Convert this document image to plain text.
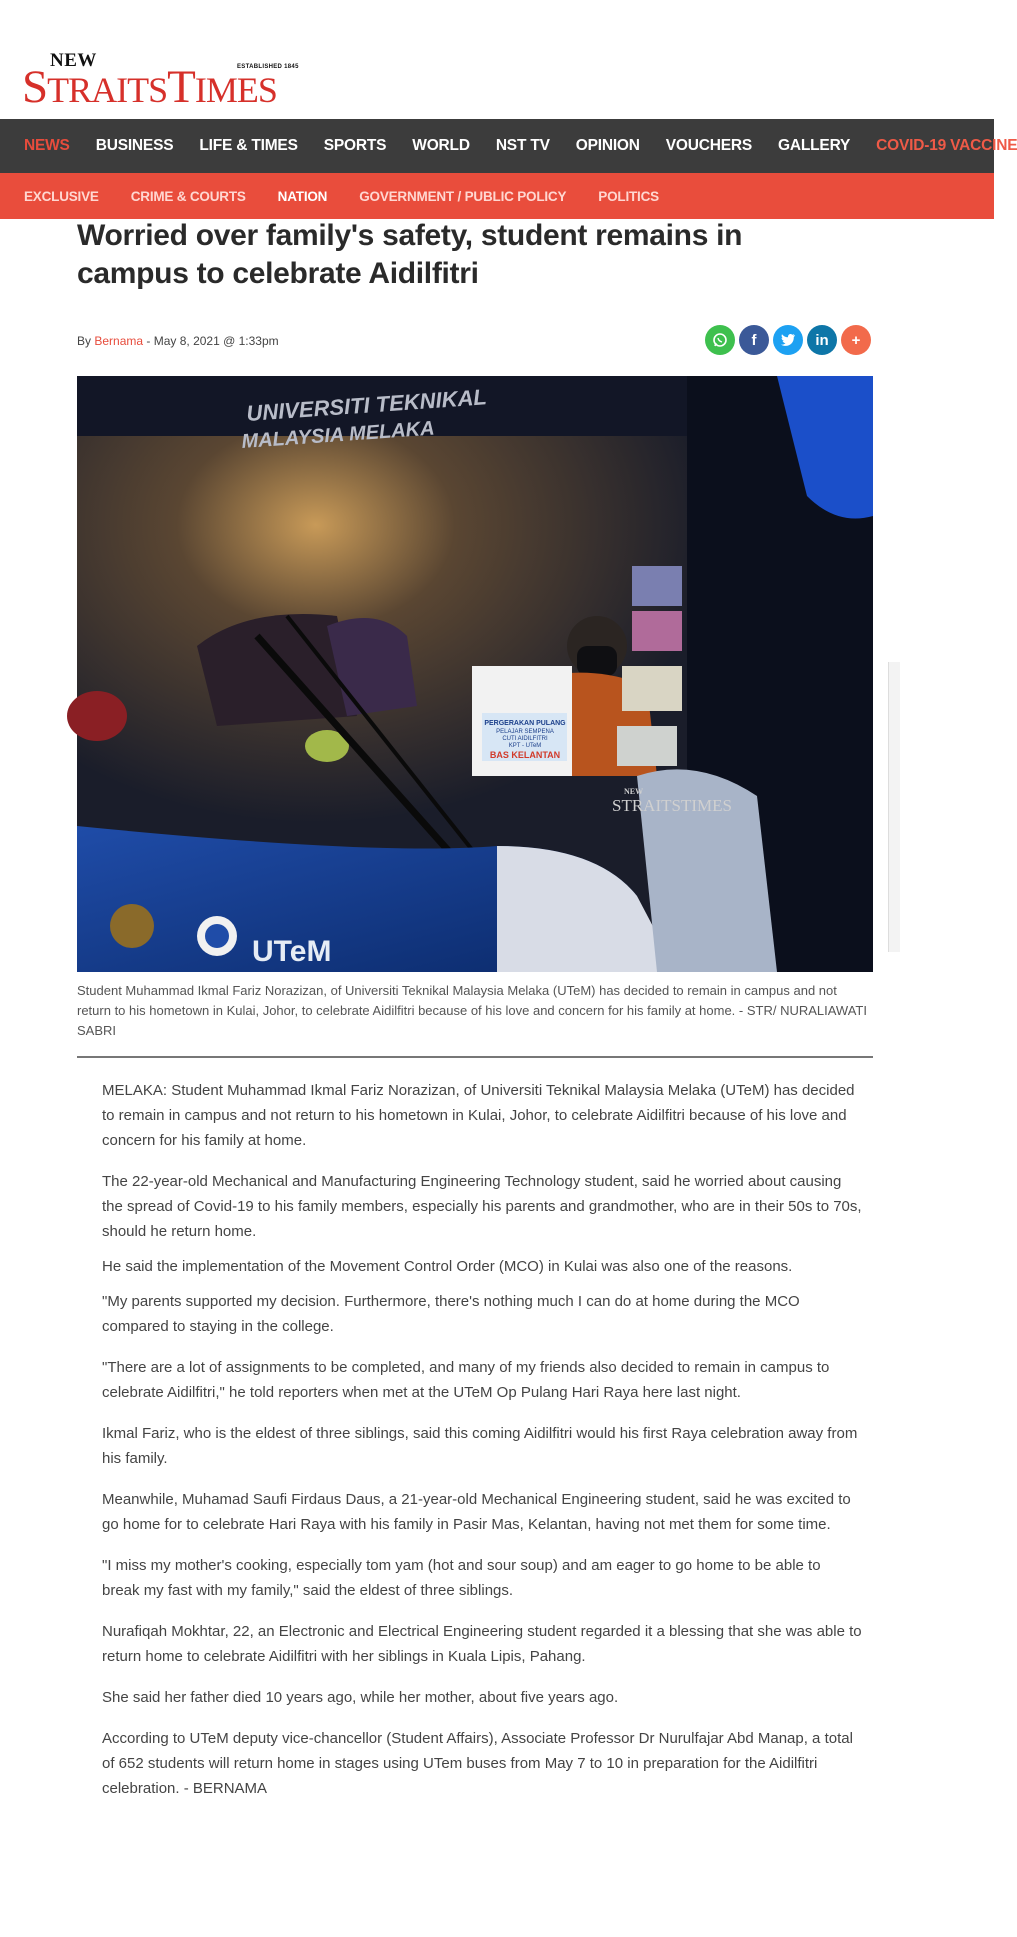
NEW	ESTABLISHED 1845
STRAITSTIMES
NEWS BUSINESS LIFE & TIMES SPORTS WORLD NST TV OPINION VOUCHERS GALLERY COVID-19 VACCINE
EXCLUSIVE CRIME & COURTS NATION GOVERNMENT / PUBLIC POLICY POLITICS
Worried over family's safety, student remains in campus to celebrate Aidilfitri
By Bernama - May 8, 2021 @ 1:33pm	f	in	+
PERGERAKAN PULANG
PELAJAR SEMPENA
CUTI AIDILFITRI
KPT - UTeM
BAS KELANTAN
UNIVERSITI TEKNIKAL
MALAYSIA MELAKA
UTeM
NEW
STRAITSTIMES

Student Muhammad Ikmal Fariz Norazizan, of Universiti Teknikal Malaysia Melaka (UTeM) has decided to remain in campus and not return to his hometown in Kulai, Johor, to celebrate Aidilfitri because of his love and concern for his family at home. - STR/ NURALIAWATI SABRI

MELAKA: Student Muhammad Ikmal Fariz Norazizan, of Universiti Teknikal Malaysia Melaka (UTeM) has decided to remain in campus and not return to his hometown in Kulai, Johor, to celebrate Aidilfitri because of his love and concern for his family at home.

The 22-year-old Mechanical and Manufacturing Engineering Technology student, said he worried about causing the spread of Covid-19 to his family members, especially his parents and grandmother, who are in their 50s to 70s, should he return home.

He said the implementation of the Movement Control Order (MCO) in Kulai was also one of the reasons.

"My parents supported my decision. Furthermore, there's nothing much I can do at home during the MCO compared to staying in the college.

"There are a lot of assignments to be completed, and many of my friends also decided to remain in campus to celebrate Aidilfitri," he told reporters when met at the UTeM Op Pulang Hari Raya here last night.

Ikmal Fariz, who is the eldest of three siblings, said this coming Aidilfitri would his first Raya celebration away from his family.

Meanwhile, Muhamad Saufi Firdaus Daus, a 21-year-old Mechanical Engineering student, said he was excited to go home for to celebrate Hari Raya with his family in Pasir Mas, Kelantan, having not met them for some time.

"I miss my mother's cooking, especially tom yam (hot and sour soup) and am eager to go home to be able to break my fast with my family," said the eldest of three siblings.

Nurafiqah Mokhtar, 22, an Electronic and Electrical Engineering student regarded it a blessing that she was able to return home to celebrate Aidilfitri with her siblings in Kuala Lipis, Pahang.

She said her father died 10 years ago, while her mother, about five years ago.

According to UTeM deputy vice-chancellor (Student Affairs), Associate Professor Dr Nurulfajar Abd Manap, a total of 652 students will return home in stages using UTem buses from May 7 to 10 in preparation for the Aidilfitri celebration. - BERNAMA
